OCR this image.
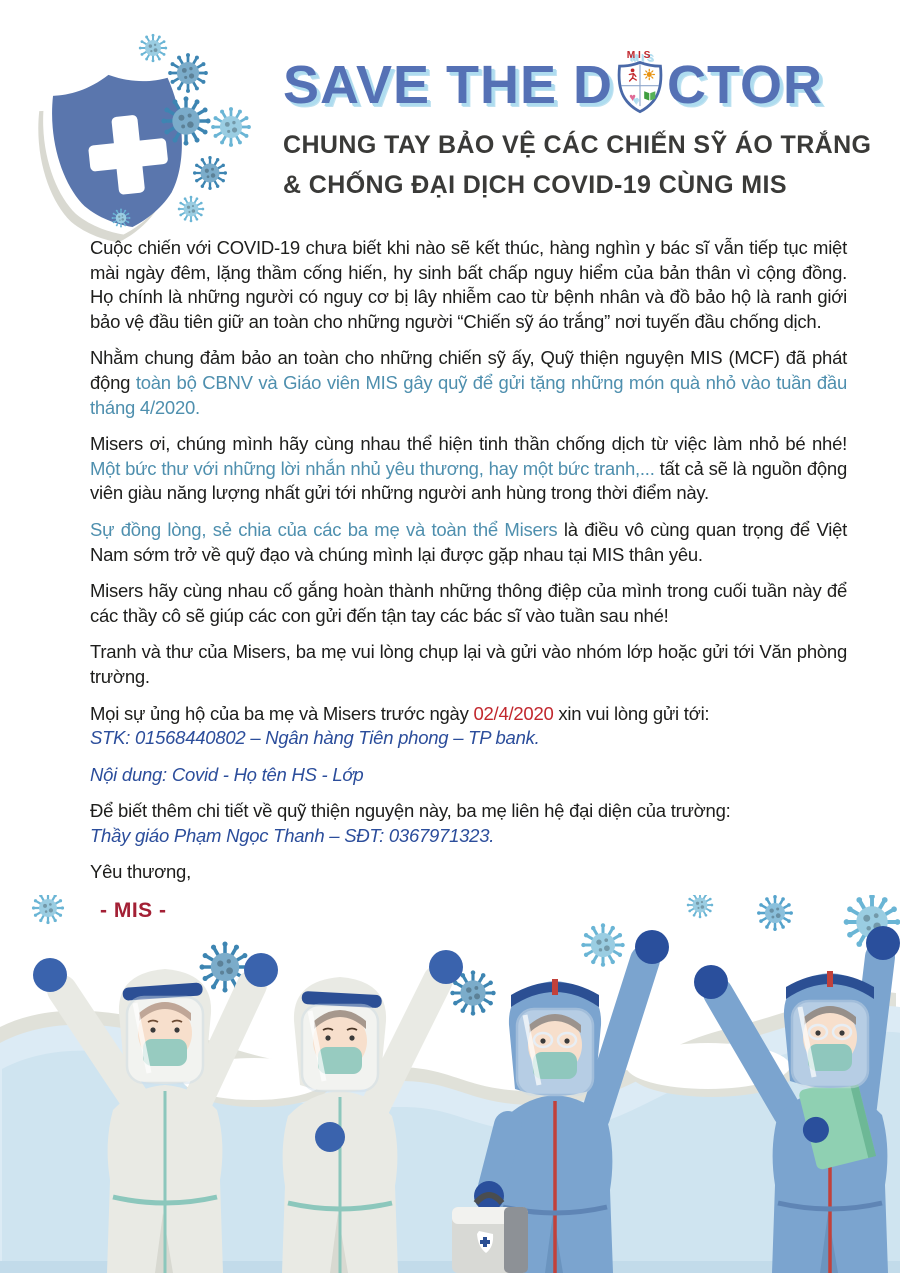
SAVE THE D MIS
♥ CTOR
CHUNG TAY BẢO VỆ CÁC CHIẾN SỸ ÁO TRẮNG
& CHỐNG ĐẠI DỊCH COVID-19 CÙNG MIS

Cuộc chiến với COVID-19 chưa biết khi nào sẽ kết thúc, hàng nghìn y bác sĩ vẫn tiếp tục miệt mài ngày đêm, lặng thầm cống hiến, hy sinh bất chấp nguy hiểm của bản thân vì cộng đồng. Họ chính là những người có nguy cơ bị lây nhiễm cao từ bệnh nhân và đồ bảo hộ là ranh giới bảo vệ đầu tiên giữ an toàn cho những người “Chiến sỹ áo trắng” nơi tuyến đầu chống dịch.

Nhằm chung đảm bảo an toàn cho những chiến sỹ ấy, Quỹ thiện nguyện MIS (MCF) đã phát động toàn bộ CBNV và Giáo viên MIS gây quỹ để gửi tặng những món quà nhỏ vào tuần đầu tháng 4/2020.

Misers ơi, chúng mình hãy cùng nhau thể hiện tinh thần chống dịch từ việc làm nhỏ bé nhé! Một bức thư với những lời nhắn nhủ yêu thương, hay một bức tranh,... tất cả sẽ là nguồn động viên giàu năng lượng nhất gửi tới những người anh hùng trong thời điểm này.

Sự đồng lòng, sẻ chia của các ba mẹ và toàn thể Misers là điều vô cùng quan trọng để Việt Nam sớm trở về quỹ đạo và chúng mình lại được gặp nhau tại MIS thân yêu.

Misers hãy cùng nhau cố gắng hoàn thành những thông điệp của mình trong cuối tuần này để các thầy cô sẽ giúp các con gửi đến tận tay các bác sĩ vào tuần sau nhé!

Tranh và thư của Misers, ba mẹ vui lòng chụp lại và gửi vào nhóm lớp hoặc gửi tới Văn phòng trường.

Mọi sự ủng hộ của ba mẹ và Misers trước ngày 02/4/2020 xin vui lòng gửi tới:

STK: 01568440802 – Ngân hàng Tiên phong – TP bank.

Nội dung: Covid - Họ tên HS - Lớp

Để biết thêm chi tiết về quỹ thiện nguyện này, ba mẹ liên hệ đại diện của trường:

Thầy giáo Phạm Ngọc Thanh – SĐT: 0367971323.

Yêu thương,

- MIS -
